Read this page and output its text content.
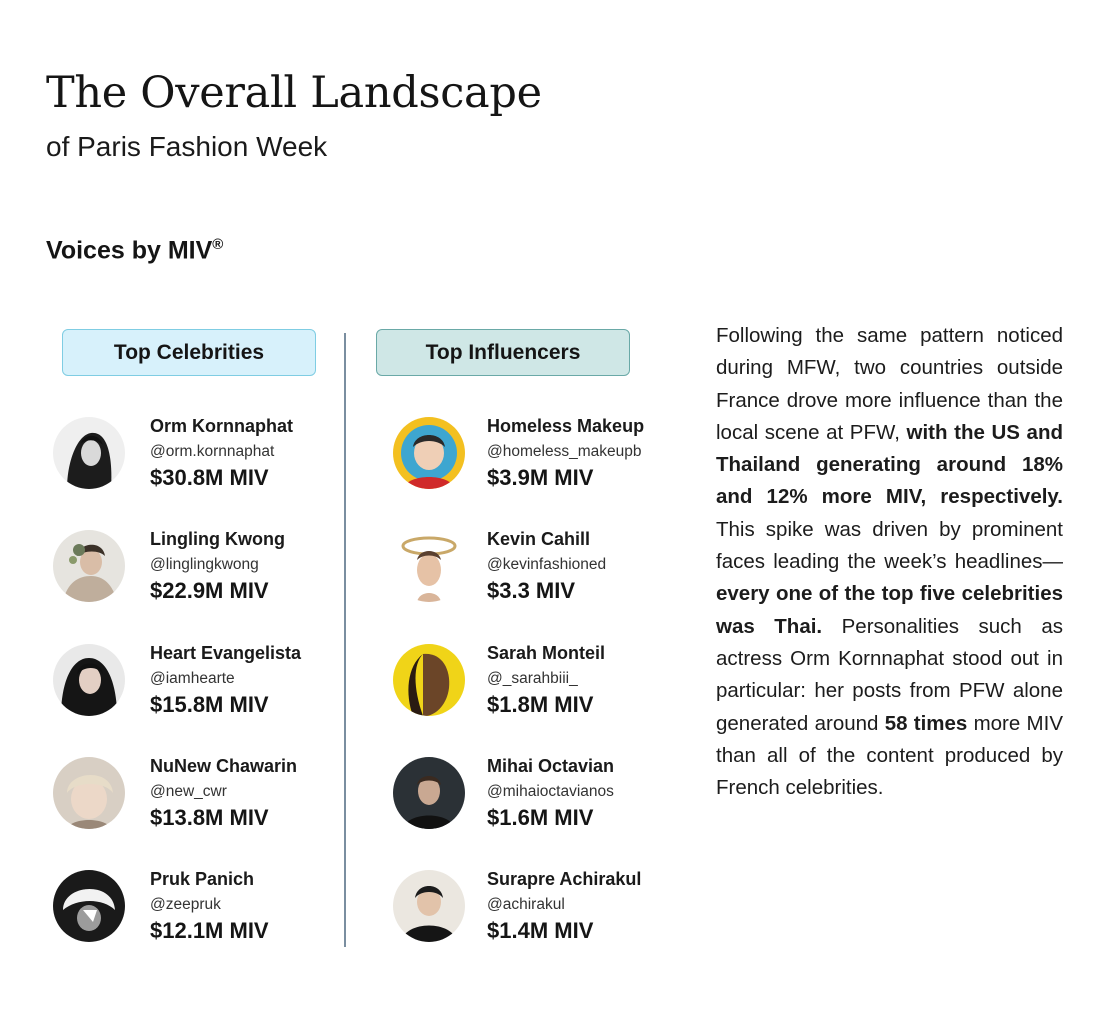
The Overall Landscape

of Paris Fashion Week

Voices by MIV®
Top Celebrities	Top Influencers
Orm Kornnaphat
@orm.kornnaphat
$30.8M MIV
Lingling Kwong
@linglingkwong
$22.9M MIV
Heart Evangelista
@iamhearte
$15.8M MIV
NuNew Chawarin
@new_cwr
$13.8M MIV
Pruk Panich
@zeepruk
$12.1M MIV
Homeless Makeup
@homeless_makeupb
$3.9M MIV
Kevin Cahill
@kevinfashioned
$3.3 MIV
Sarah Monteil
@_sarahbiii_
$1.8M MIV
Mihai Octavian
@mihaioctavianos
$1.6M MIV
Surapre Achirakul
@achirakul
$1.4M MIV

Following the same pattern noticed during MFW, two countries outside France drove more influence than the local scene at PFW, with the US and Thailand generating around 18% and 12% more MIV, respectively. This spike was driven by prominent faces leading the week’s headlines—every one of the top five celebrities was Thai. Personalities such as actress Orm Kornnaphat stood out in particular: her posts from PFW alone generated around 58 times more MIV than all of the content produced by French celebrities.
